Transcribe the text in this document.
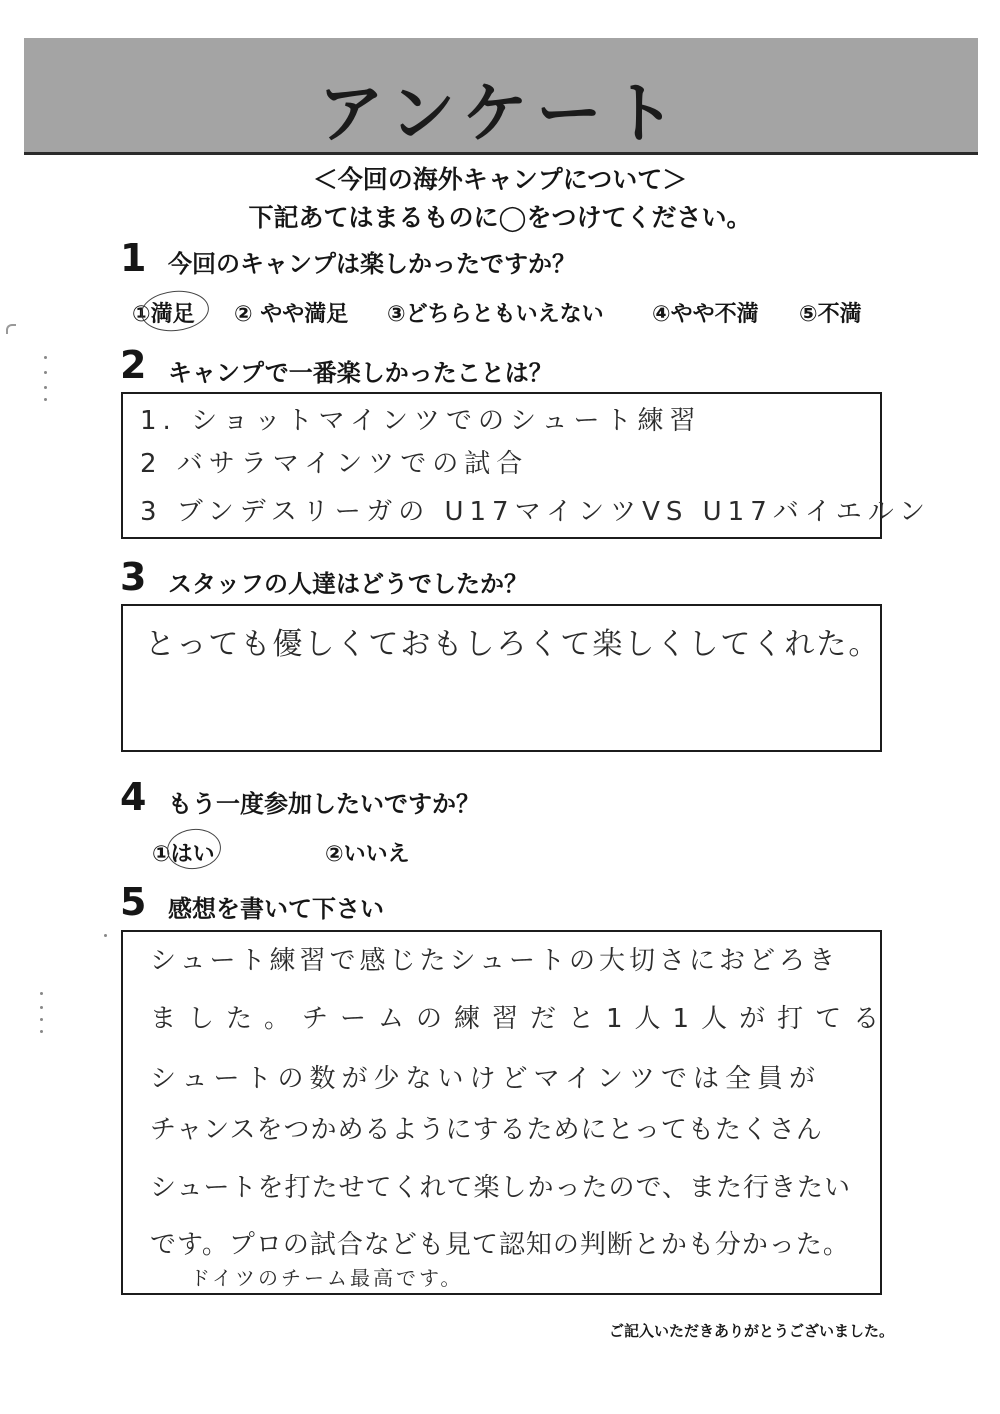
アンケート
＜今回の海外キャンプについて＞
下記あてはまるものに◯をつけてください。
1 今回のキャンプは楽しかったですか？
①満足 ② やや満足 ③どちらともいえない ④やや不満 ⑤不満
2 キャンプで一番楽しかったことは？
1. ショットマインツでのシュート練習
2 バサラマインツでの試合
3 ブンデスリーガの U17マインツVS U17バイエルン
3 スタッフの人達はどうでしたか？
とっても優しくておもしろくて楽しくしてくれた。
4 もう一度参加したいですか？
①はい	②いいえ
5 感想を書いて下さい
シュート練習で感じたシュートの大切さにおどろき
ました。チームの練習だと1人1人が打てる
シュートの数が少ないけどマインツでは全員が
チャンスをつかめるようにするためにとってもたくさん
シュートを打たせてくれて楽しかったので、また行きたい
です。プロの試合なども見て認知の判断とかも分かった。
ドイツのチーム最高です。
ご記入いただきありがとうございました。
